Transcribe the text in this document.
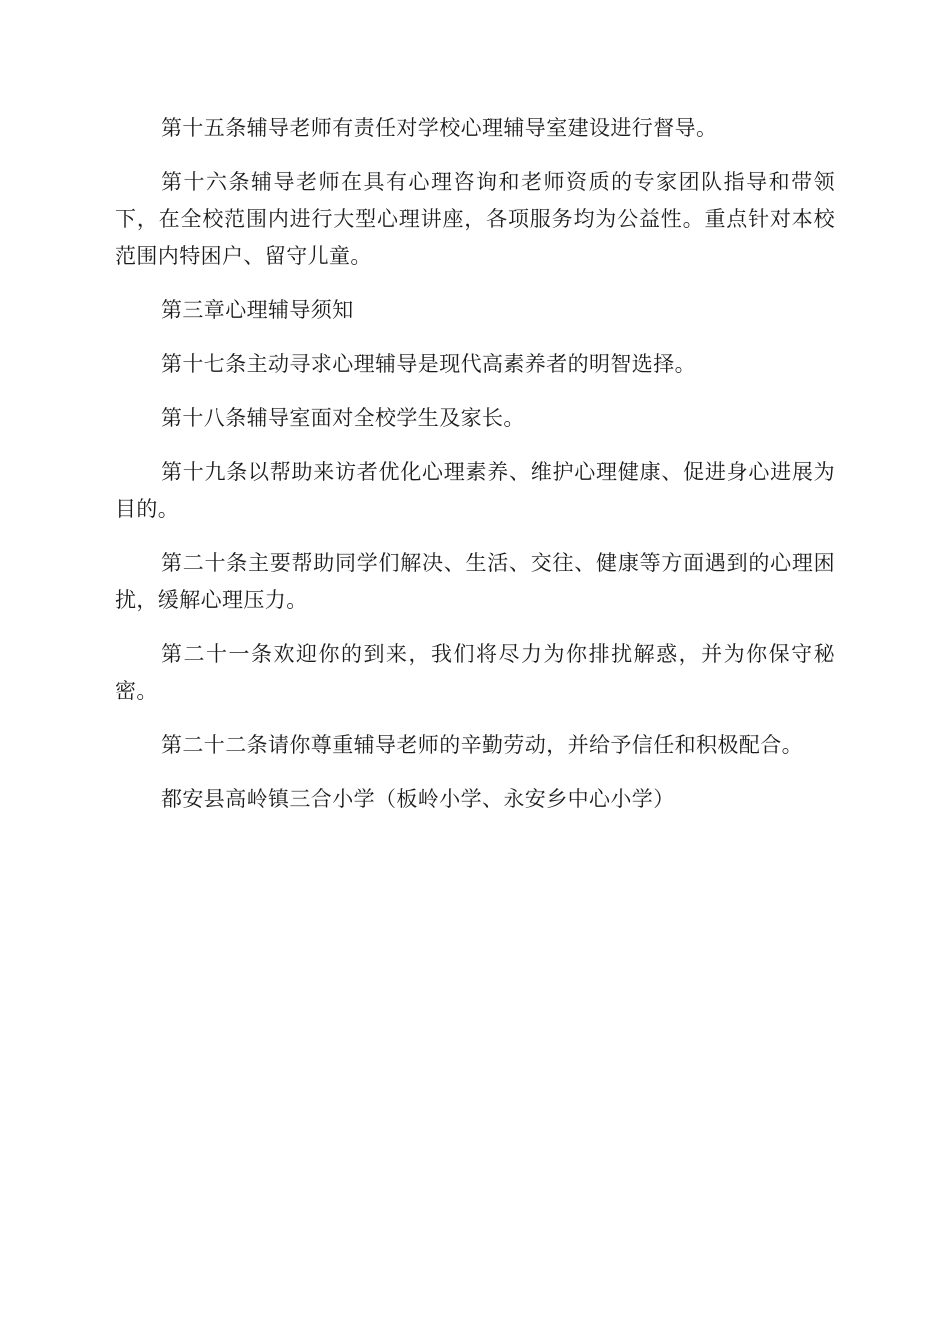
第十五条辅导老师有责任对学校心理辅导室建设进行督导。

第十六条辅导老师在具有心理咨询和老师资质的专家团队指导和带领下，在全校范围内进行大型心理讲座，各项服务均为公益性。重点针对本校范围内特困户、留守儿童。

第三章心理辅导须知

第十七条主动寻求心理辅导是现代高素养者的明智选择。

第十八条辅导室面对全校学生及家长。

第十九条以帮助来访者优化心理素养、维护心理健康、促进身心进展为目的。

第二十条主要帮助同学们解决、生活、交往、健康等方面遇到的心理困扰，缓解心理压力。

第二十一条欢迎你的到来，我们将尽力为你排扰解惑，并为你保守秘密。

第二十二条请你尊重辅导老师的辛勤劳动，并给予信任和积极配合。

都安县高岭镇三合小学（板岭小学、永安乡中心小学）
